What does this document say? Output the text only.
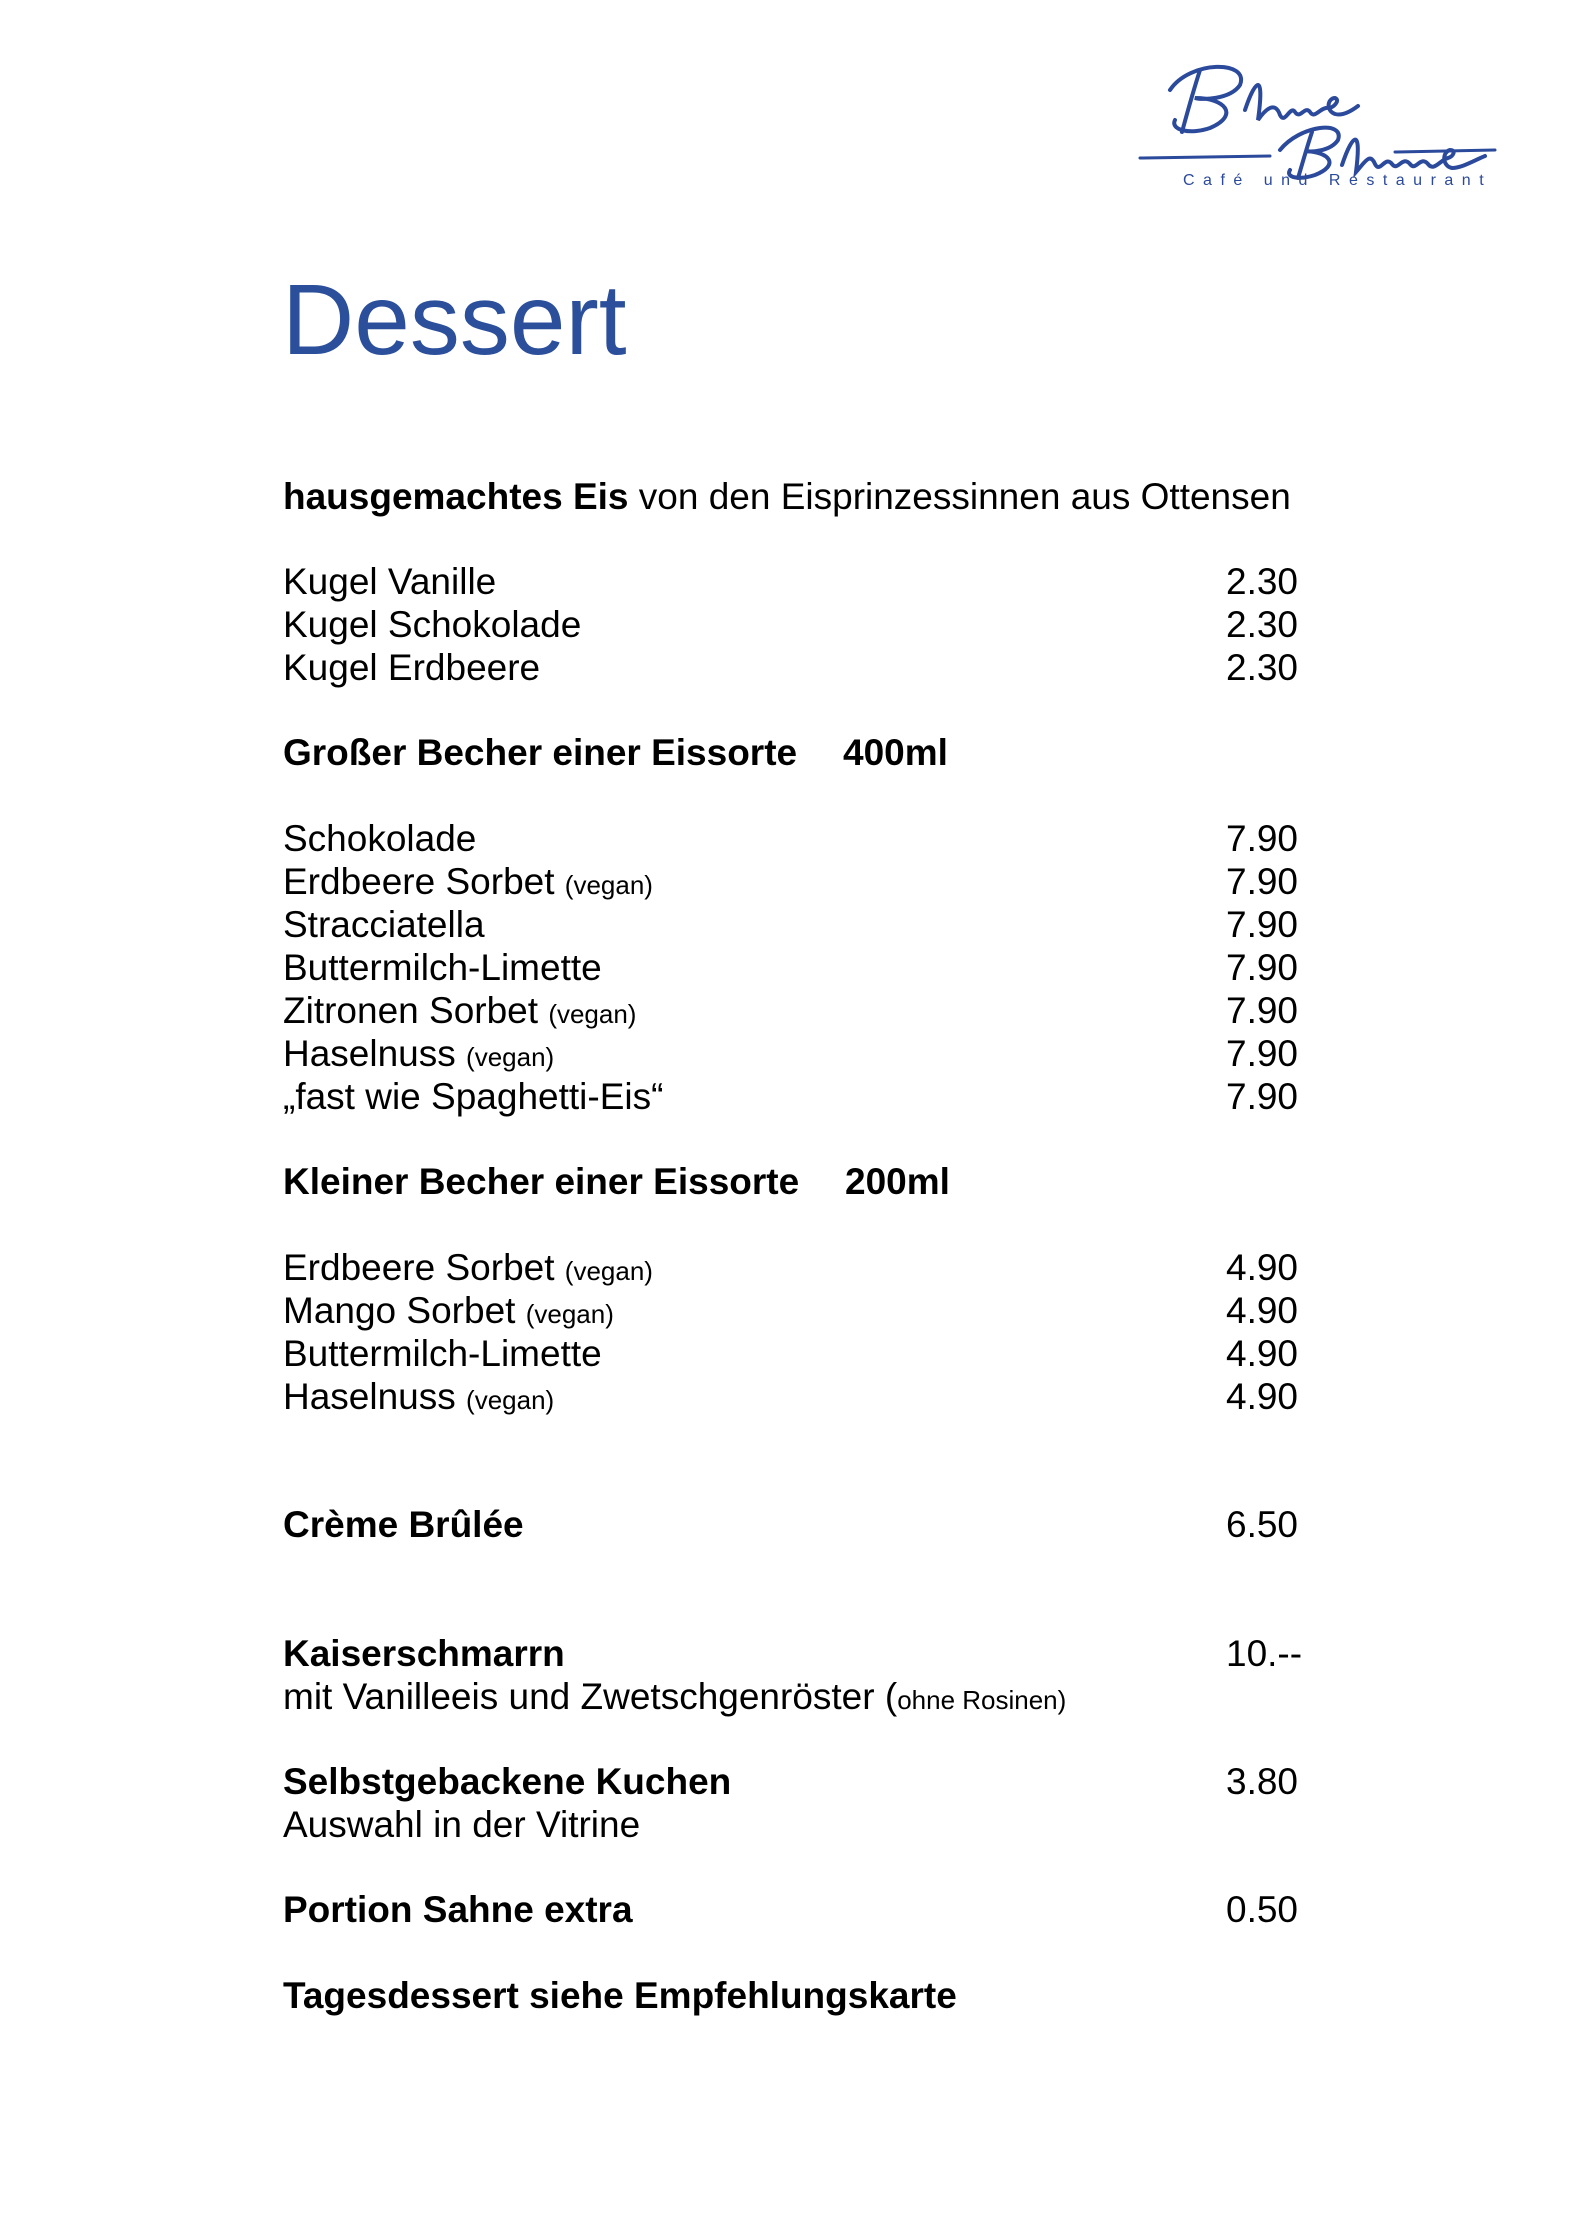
Café und Restaurant
Dessert
hausgemachtes Eis von den Eisprinzessinnen aus Ottensen
Kugel Vanille	2.30
Kugel Schokolade	2.30
Kugel Erdbeere	2.30
Großer Becher einer Eissorte 400ml
Schokolade	7.90
Erdbeere Sorbet (vegan)	7.90
Stracciatella	7.90
Buttermilch-Limette	7.90
Zitronen Sorbet (vegan)	7.90
Haselnuss (vegan)	7.90
„fast wie Spaghetti-Eis“	7.90
Kleiner Becher einer Eissorte 200ml
Erdbeere Sorbet (vegan)	4.90
Mango Sorbet (vegan)	4.90
Buttermilch-Limette	4.90
Haselnuss (vegan)	4.90
Crème Brûlée	6.50
Kaiserschmarrn	10.--
mit Vanilleeis und Zwetschgenröster (ohne Rosinen)
Selbstgebackene Kuchen	3.80
Auswahl in der Vitrine
Portion Sahne extra	0.50
Tagesdessert siehe Empfehlungskarte
